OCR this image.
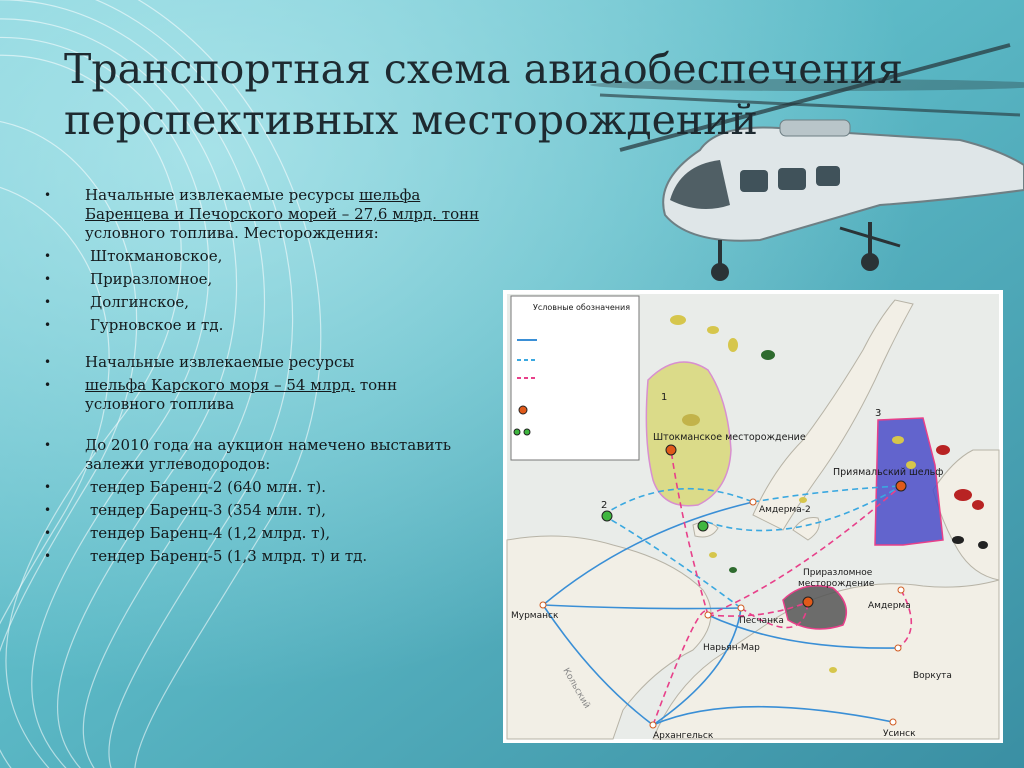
Транспортная схема авиаобеспечения
перспективных месторождений
• Начальные извлекаемые ресурсы шельфа Баренцева и Печорского морей – 27,6 млрд. тонн условного топлива. Месторождения:
• Штокмановское,
• Приразломное,
• Долгинское,
• Гурновское и тд.
• Начальные извлекаемые ресурсы
• шельфа Карского моря – 54 млрд. тонн условного топлива
• До 2010 года на аукцион намечено выставить залежи углеводородов:
• тендер Баренц-2 (640 млн. т).
• тендер Баренц-3 (354 млн. т),
• тендер Баренц-4 (1,2 млрд. т),
• тендер Баренц-5 (1,3 млрд. т) и тд.
Штокманское месторождение
Приямальский шельф
Приразломное
месторождение
Амдерма-2
Амдерма
Мурманск	Песчанка
Нарьян-Мар
Воркута
Архангельск	Усинск
Кольский
1
2
3
Условные обозначения
